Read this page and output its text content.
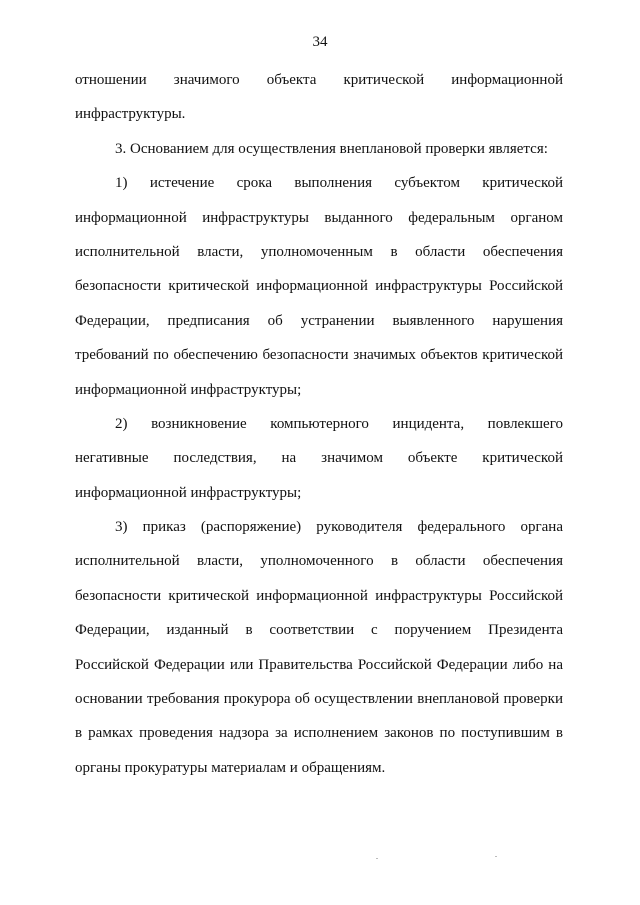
34
отношении значимого объекта критической информационной
инфраструктуры.
3. Основанием для осуществления внеплановой проверки является:
1) истечение срока выполнения субъектом критической
информационной инфраструктуры выданного федеральным органом
исполнительной власти, уполномоченным в области обеспечения
безопасности критической информационной инфраструктуры Российской
Федерации, предписания об устранении выявленного нарушения
требований по обеспечению безопасности значимых объектов критической
информационной инфраструктуры;
2) возникновение компьютерного инцидента, повлекшего
негативные последствия, на значимом объекте критической
информационной инфраструктуры;
3) приказ (распоряжение) руководителя федерального органа
исполнительной власти, уполномоченного в области обеспечения
безопасности критической информационной инфраструктуры Российской
Федерации, изданный в соответствии с поручением Президента
Российской Федерации или Правительства Российской Федерации либо на
основании требования прокурора об осуществлении внеплановой проверки
в рамках проведения надзора за исполнением законов по поступившим в
органы прокуратуры материалам и обращениям.
